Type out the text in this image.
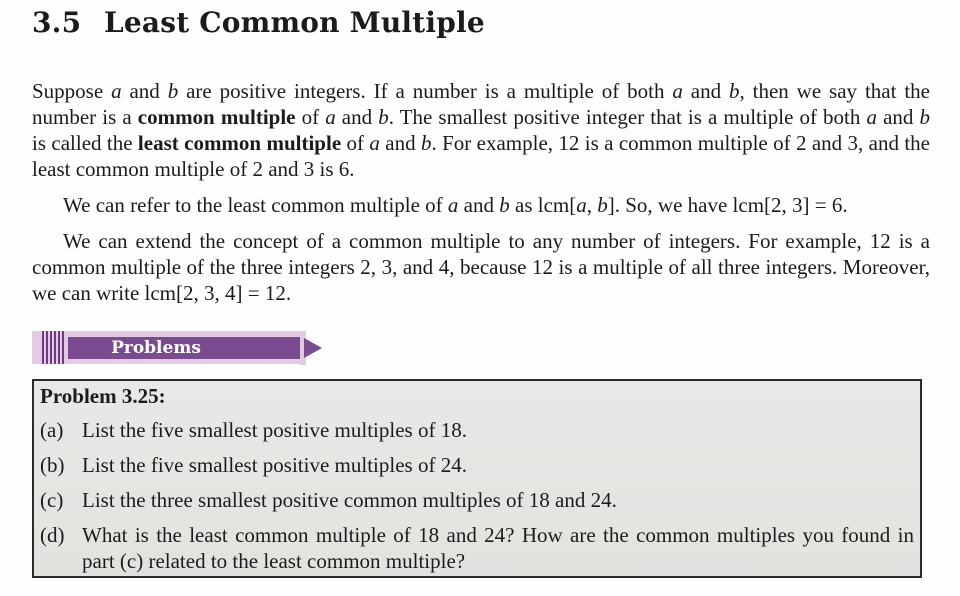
3.5 Least Common Multiple

Suppose a and b are positive integers. If a number is a multiple of both a and b, then we say that the number is a common multiple of a and b. The smallest positive integer that is a multiple of both a and b is called the least common multiple of a and b. For example, 12 is a common multiple of 2 and 3, and the least common multiple of 2 and 3 is 6.

We can refer to the least common multiple of a and b as lcm[a, b]. So, we have lcm[2, 3] = 6.

We can extend the concept of a common multiple to any number of integers. For example, 12 is a common multiple of the three integers 2, 3, and 4, because 12 is a multiple of all three integers. Moreover, we can write lcm[2, 3, 4] = 12.

Problems
Problem 3.25:
(a) List the five smallest positive multiples of 18.
(b) List the five smallest positive multiples of 24.
(c) List the three smallest positive common multiples of 18 and 24.
(d) What is the least common multiple of 18 and 24? How are the common multiples you found in part (c) related to the least common multiple?
